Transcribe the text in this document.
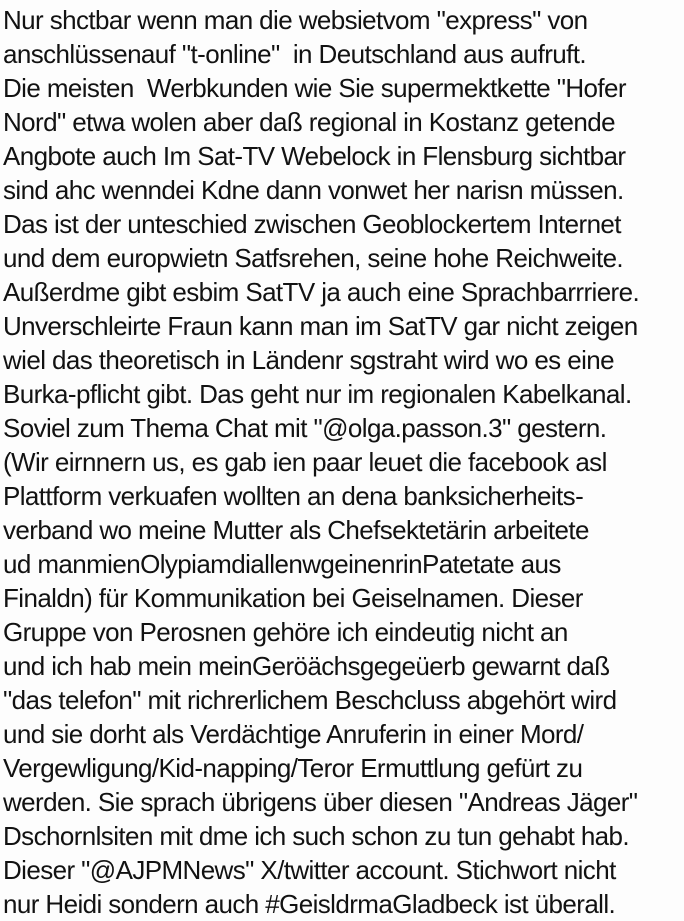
Nur shctbar wenn man die websietvom "express" von
anschlüssenauf "t-online"  in Deutschland aus aufruft.
Die meisten  Werbkunden wie Sie supermektkette "Hofer
Nord" etwa wolen aber daß regional in Kostanz getende
Angbote auch Im Sat-TV Webelock in Flensburg sichtbar
sind ahc wenndei Kdne dann vonwet her narisn müssen.
Das ist der unteschied zwischen Geoblockertem Internet
und dem europwietn Satfsrehen, seine hohe Reichweite.
Außerdme gibt esbim SatTV ja auch eine Sprachbarrriere.
Unverschleirte Fraun kann man im SatTV gar nicht zeigen
wiel das theoretisch in Ländenr sgstraht wird wo es eine
Burka-pflicht gibt. Das geht nur im regionalen Kabelkanal.
Soviel zum Thema Chat mit "@olga.passon.3" gestern.
(Wir eirnnern us, es gab ien paar leuet die facebook asl
Plattform verkuafen wollten an dena banksicherheits-
verband wo meine Mutter als Chefsektetärin arbeitete
ud manmienOlypiamdiallenwgeinenrinPatetate aus
Finaldn) für Kommunikation bei Geiselnamen. Dieser
Gruppe von Perosnen gehöre ich eindeutig nicht an
und ich hab mein meinGeröächsgegeüerb gewarnt daß
"das telefon" mit richrerlichem Beschcluss abgehört wird
und sie dorht als Verdächtige Anruferin in einer Mord/
Vergewligung/Kid-napping/Teror Ermuttlung gefürt zu
werden. Sie sprach übrigens über diesen "Andreas Jäger"
Dschornlsiten mit dme ich such schon zu tun gehabt hab.
Dieser "@AJPMNews" X/twitter account. Stichwort nicht
nur Heidi sondern auch #GeisldrmaGladbeck ist überall.
